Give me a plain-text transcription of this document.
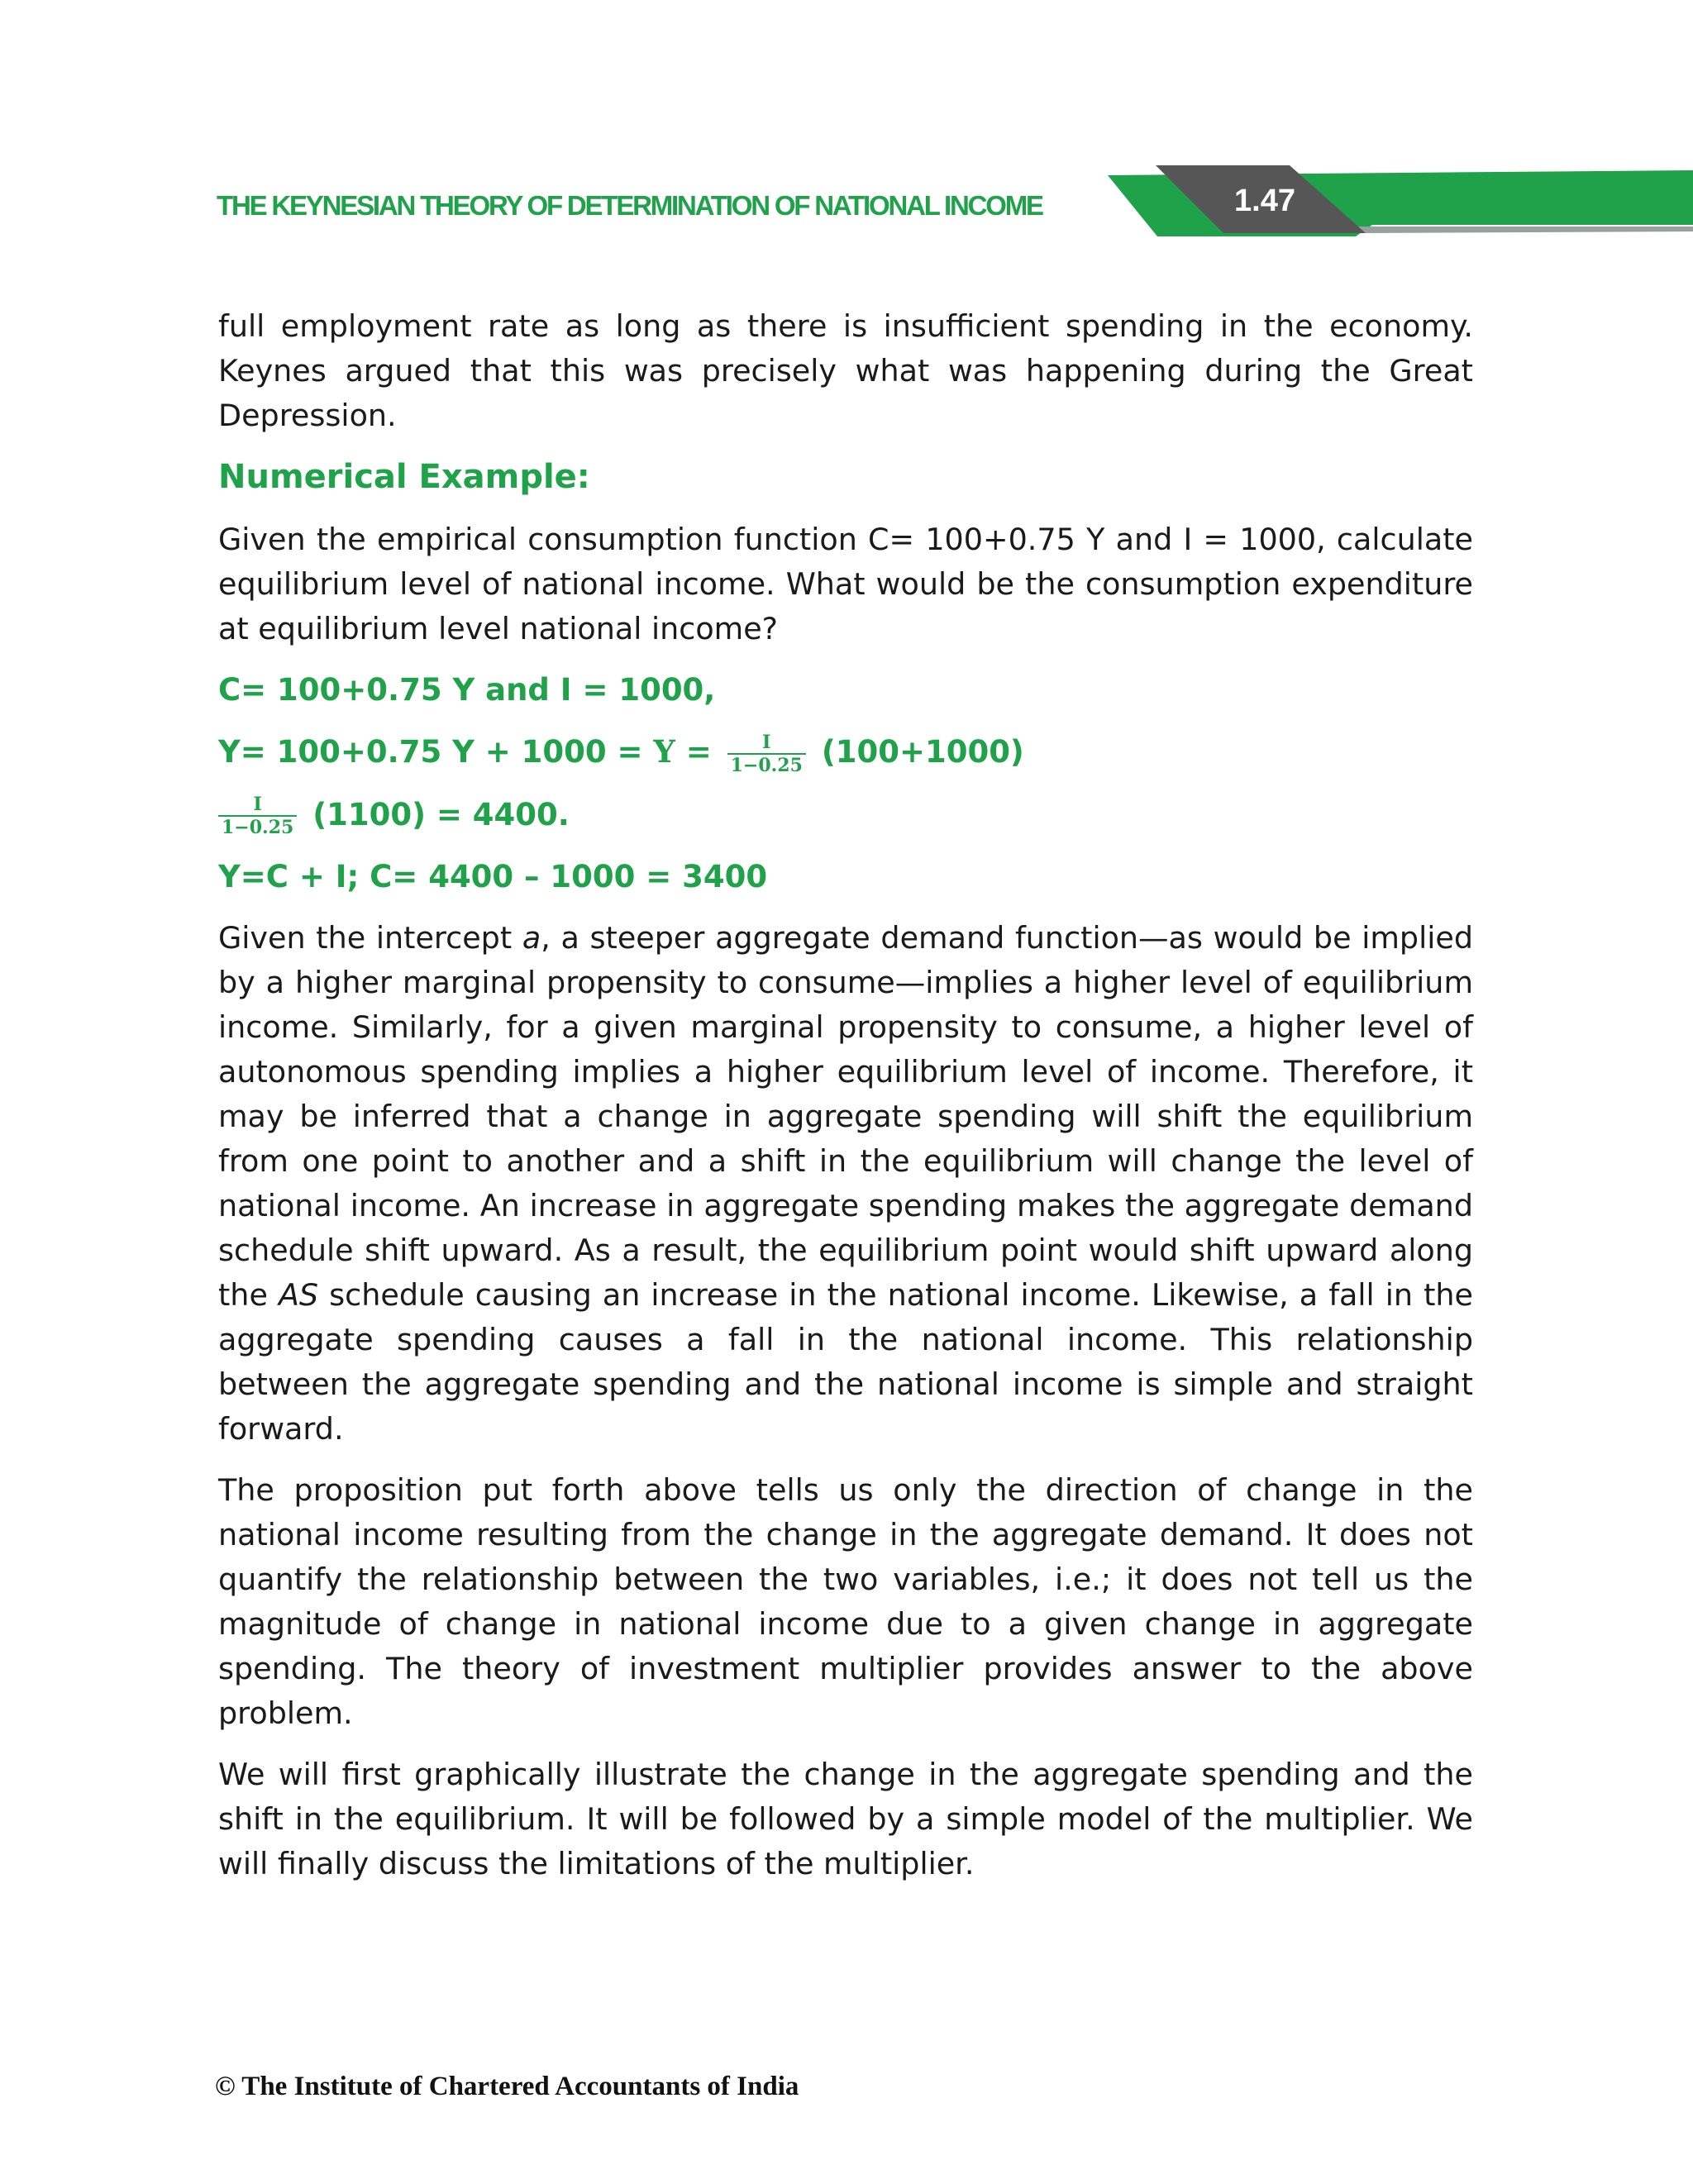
THE KEYNESIAN THEORY OF DETERMINATION OF NATIONAL INCOME	1.47

full employment rate as long as there is insufficient spending in the economy. Keynes argued that this was precisely what was happening during the Great Depression.

Numerical Example:

Given the empirical consumption function C= 100+0.75 Y and I = 1000, calculate equilibrium level of national income. What would be the consumption expenditure at equilibrium level national income?

C= 100+0.75 Y and I = 1000,
Y= 100+0.75 $Y + 1000 = Y = \frac{I}{1-0.25} (100+1000)$
$\frac{I}{1-0.25} (1100) = 4400$.
Y=C + I; C= 4400 – 1000 = 3400

Given the intercept a, a steeper aggregate demand function—as would be implied by a higher marginal propensity to consume—implies a higher level of equilibrium income. Similarly, for a given marginal propensity to consume, a higher level of autonomous spending implies a higher equilibrium level of income. Therefore, it may be inferred that a change in aggregate spending will shift the equilibrium from one point to another and a shift in the equilibrium will change the level of national income. An increase in aggregate spending makes the aggregate demand schedule shift upward. As a result, the equilibrium point would shift upward along the AS schedule causing an increase in the national income. Likewise, a fall in the aggregate spending causes a fall in the national income. This relationship between the aggregate spending and the national income is simple and straight forward.

The proposition put forth above tells us only the direction of change in the national income resulting from the change in the aggregate demand. It does not quantify the relationship between the two variables, i.e.; it does not tell us the magnitude of change in national income due to a given change in aggregate spending. The theory of investment multiplier provides answer to the above problem.

We will first graphically illustrate the change in the aggregate spending and the shift in the equilibrium. It will be followed by a simple model of the multiplier. We will finally discuss the limitations of the multiplier.

© The Institute of Chartered Accountants of India
